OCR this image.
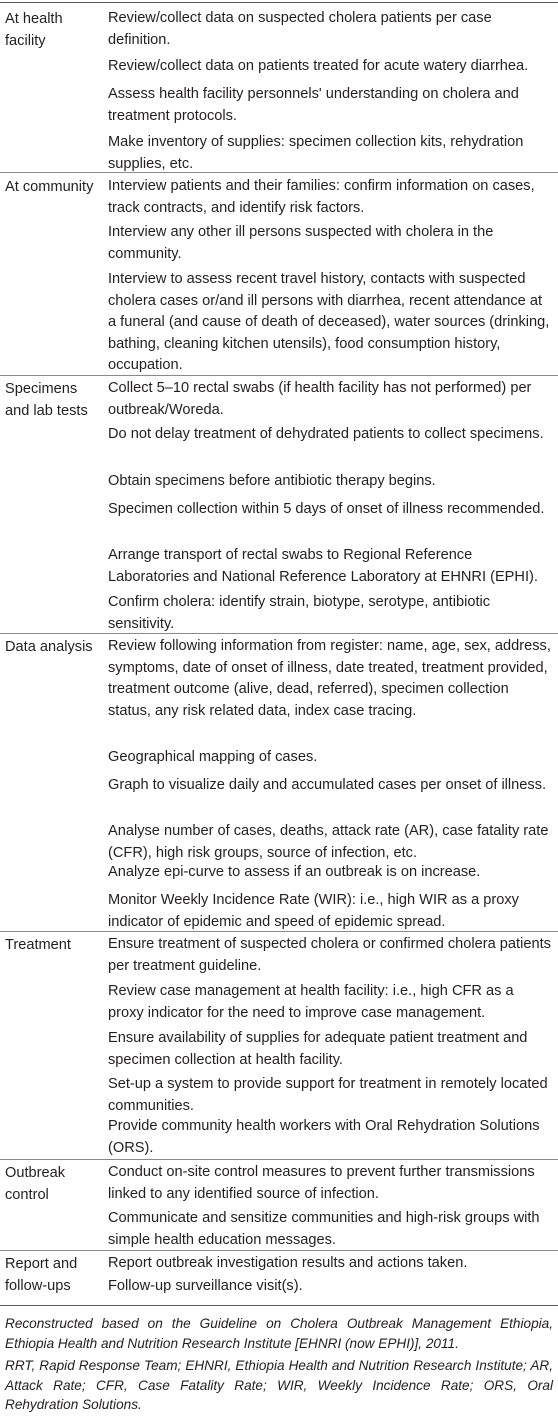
At health facility
Review/collect data on suspected cholera patients per case definition.
Review/collect data on patients treated for acute watery diarrhea.
Assess health facility personnels' understanding on cholera and treatment protocols.
Make inventory of supplies: specimen collection kits, rehydration supplies, etc.
At community Interview patients and their families: confirm information on cases, track contracts, and identify risk factors.
Interview any other ill persons suspected with cholera in the community.
Interview to assess recent travel history, contacts with suspected cholera cases or/and ill persons with diarrhea, recent attendance at a funeral (and cause of death of deceased), water sources (drinking, bathing, cleaning kitchen utensils), food consumption history, occupation.
Specimens and lab tests
Collect 5–10 rectal swabs (if health facility has not performed) per outbreak/Woreda.
Do not delay treatment of dehydrated patients to collect specimens.
Obtain specimens before antibiotic therapy begins.
Specimen collection within 5 days of onset of illness recommended.
Arrange transport of rectal swabs to Regional Reference Laboratories and National Reference Laboratory at EHNRI (EPHI).
Confirm cholera: identify strain, biotype, serotype, antibiotic sensitivity.
Data analysis	Review following information from register: name, age, sex, address, symptoms, date of onset of illness, date treated, treatment provided, treatment outcome (alive, dead, referred), specimen collection status, any risk related data, index case tracing.
Geographical mapping of cases.
Graph to visualize daily and accumulated cases per onset of illness.
Analyse number of cases, deaths, attack rate (AR), case fatality rate (CFR), high risk groups, source of infection, etc.
Analyze epi-curve to assess if an outbreak is on increase.
Monitor Weekly Incidence Rate (WIR): i.e., high WIR as a proxy indicator of epidemic and speed of epidemic spread.
Treatment	Ensure treatment of suspected cholera or confirmed cholera patients per treatment guideline.
Review case management at health facility: i.e., high CFR as a proxy indicator for the need to improve case management.
Ensure availability of supplies for adequate patient treatment and specimen collection at health facility.
Set-up a system to provide support for treatment in remotely located communities.
Provide community health workers with Oral Rehydration Solutions (ORS).
Outbreak control
Conduct on-site control measures to prevent further transmissions linked to any identified source of infection.
Communicate and sensitize communities and high-risk groups with simple health education messages.
Report and follow-ups
Report outbreak investigation results and actions taken.
Follow-up surveillance visit(s).
Reconstructed based on the Guideline on Cholera Outbreak Management Ethiopia, Ethiopia Health and Nutrition Research Institute [EHNRI (now EPHI)], 2011.
RRT, Rapid Response Team; EHNRI, Ethiopia Health and Nutrition Research Institute; AR, Attack Rate; CFR, Case Fatality Rate; WIR, Weekly Incidence Rate; ORS, Oral Rehydration Solutions.
